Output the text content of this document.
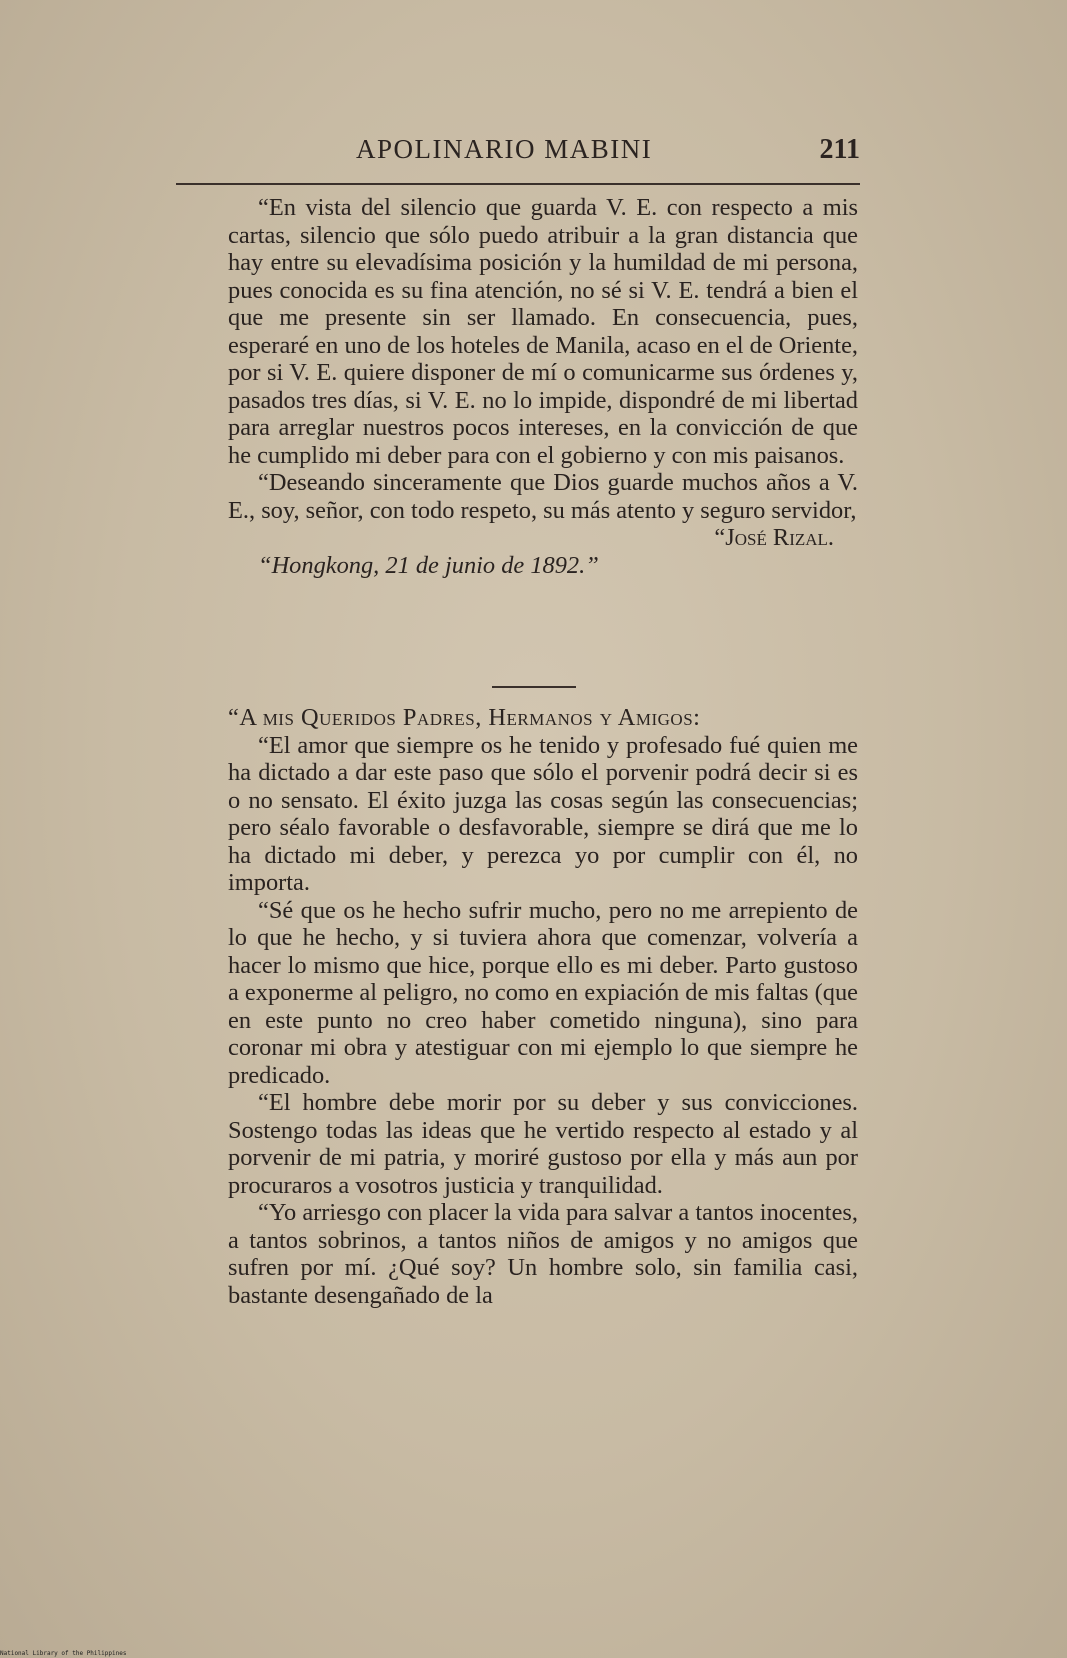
APOLINARIO MABINI	211

“En vista del silencio que guarda V. E. con respecto a mis cartas, silencio que sólo puedo atribuir a la gran distancia que hay entre su elevadísima posición y la humildad de mi persona, pues conocida es su fina atención, no sé si V. E. tendrá a bien el que me presente sin ser llamado. En consecuencia, pues, esperaré en uno de los hoteles de Manila, acaso en el de Oriente, por si V. E. quiere disponer de mí o comunicarme sus órdenes y, pasados tres días, si V. E. no lo impide, dispondré de mi libertad para arreglar nuestros pocos intereses, en la convicción de que he cumplido mi deber para con el gobierno y con mis paisanos.

“Deseando sinceramente que Dios guarde muchos años a V. E., soy, señor, con todo respeto, su más atento y seguro servidor,

“José Rizal.

“Hongkong, 21 de junio de 1892.”

“A mis Queridos Padres, Hermanos y Amigos:

“El amor que siempre os he tenido y profesado fué quien me ha dictado a dar este paso que sólo el porvenir podrá decir si es o no sensato. El éxito juzga las cosas según las consecuencias; pero séalo favorable o desfavorable, siempre se dirá que me lo ha dictado mi deber, y perezca yo por cumplir con él, no importa.

“Sé que os he hecho sufrir mucho, pero no me arrepiento de lo que he hecho, y si tuviera ahora que comenzar, volvería a hacer lo mismo que hice, porque ello es mi deber. Parto gustoso a exponerme al peligro, no como en expiación de mis faltas (que en este punto no creo haber cometido ninguna), sino para coronar mi obra y atestiguar con mi ejemplo lo que siempre he predicado.

“El hombre debe morir por su deber y sus convicciones. Sostengo todas las ideas que he vertido respecto al estado y al porvenir de mi patria, y moriré gustoso por ella y más aun por procuraros a vosotros justicia y tranquilidad.

“Yo arriesgo con placer la vida para salvar a tantos inocentes, a tantos sobrinos, a tantos niños de amigos y no amigos que sufren por mí. ¿Qué soy? Un hombre solo, sin familia casi, bastante desengañado de la

National Library of the Philippines
